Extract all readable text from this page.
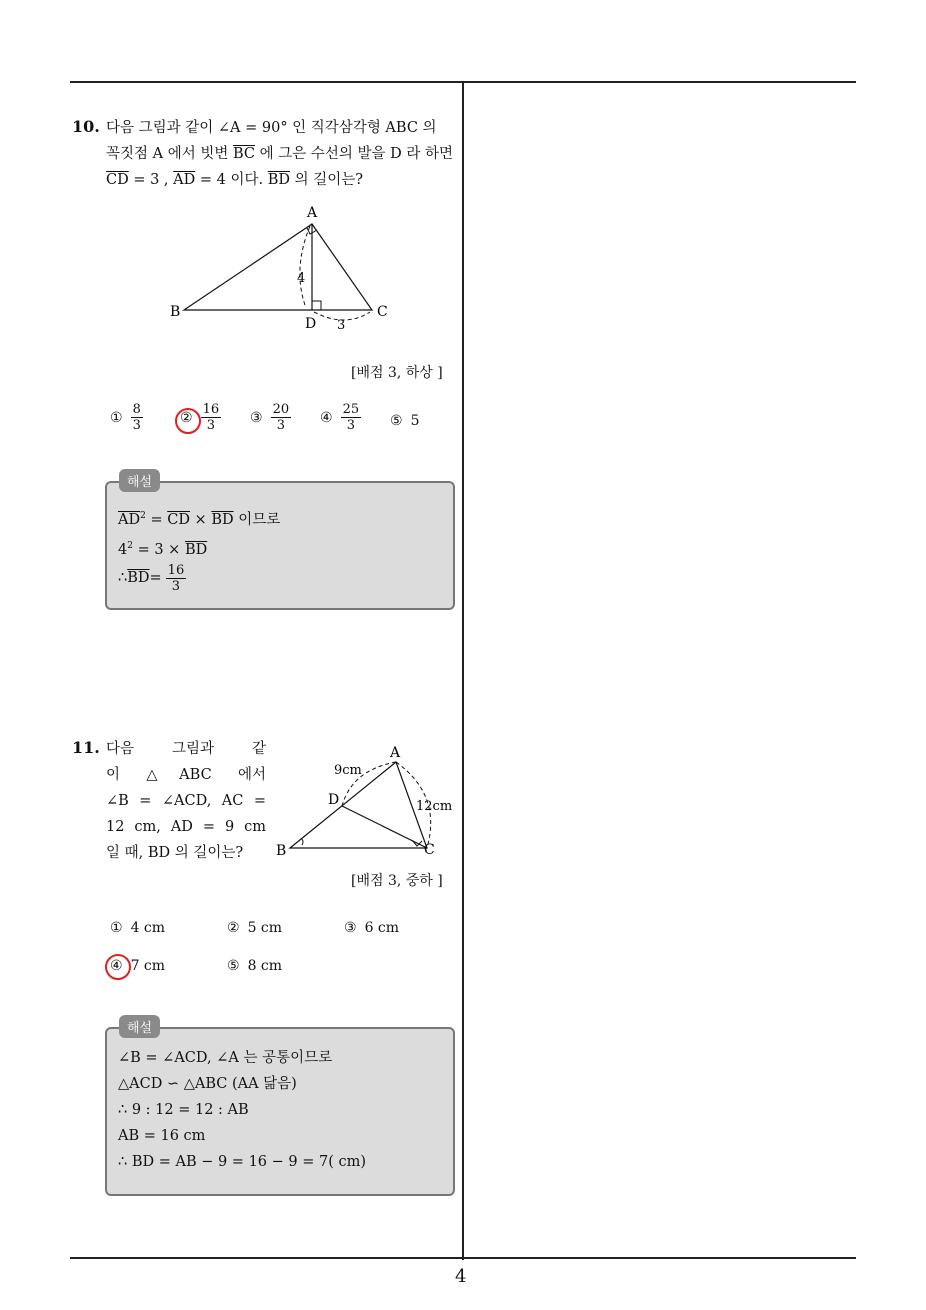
4
10. 다음 그림과 같이 ∠A = 90° 인 직각삼각형 ABC 의
꼭짓점 A 에서 빗변 $\overline{BC}$ 에 그은 수선의 발을 D 라 하면
$\overline{CD} = 3$ , $\overline{AD} = 4$ 이다. $\overline{BD}$ 의 길이는?
A
B	C
D
4
3
[배점 3, 하상 ]
① $\frac{8}{3}$	② $\frac{16}{3}$ ③ $\frac{20}{3}$ ④ $\frac{25}{3}$ ⑤ 5
해설
$\overline{AD}^2 = \overline{CD} \times \overline{BD}$ 이므로
$4^2 = 3 \times \overline{BD}$
∴ $\overline{BD} = \frac{16}{3}$
11. 다음 그림과 같
이 △ABC 에서
∠B = ∠ACD, AC =
12 cm, AD = 9 cm
일 때, BD 의 길이는?
A
B	C
D
9cm
12cm
[배점 3, 중하 ]
① 4 cm	② 5 cm	③ 6 cm
④ 7 cm	⑤ 8 cm
해설
∠B = ∠ACD, ∠A 는 공통이므로
△ACD ∽ △ABC (AA 닮음)
∴ 9 : 12 = 12 : AB
AB = 16 cm
∴ BD = AB − 9 = 16 − 9 = 7( cm)
